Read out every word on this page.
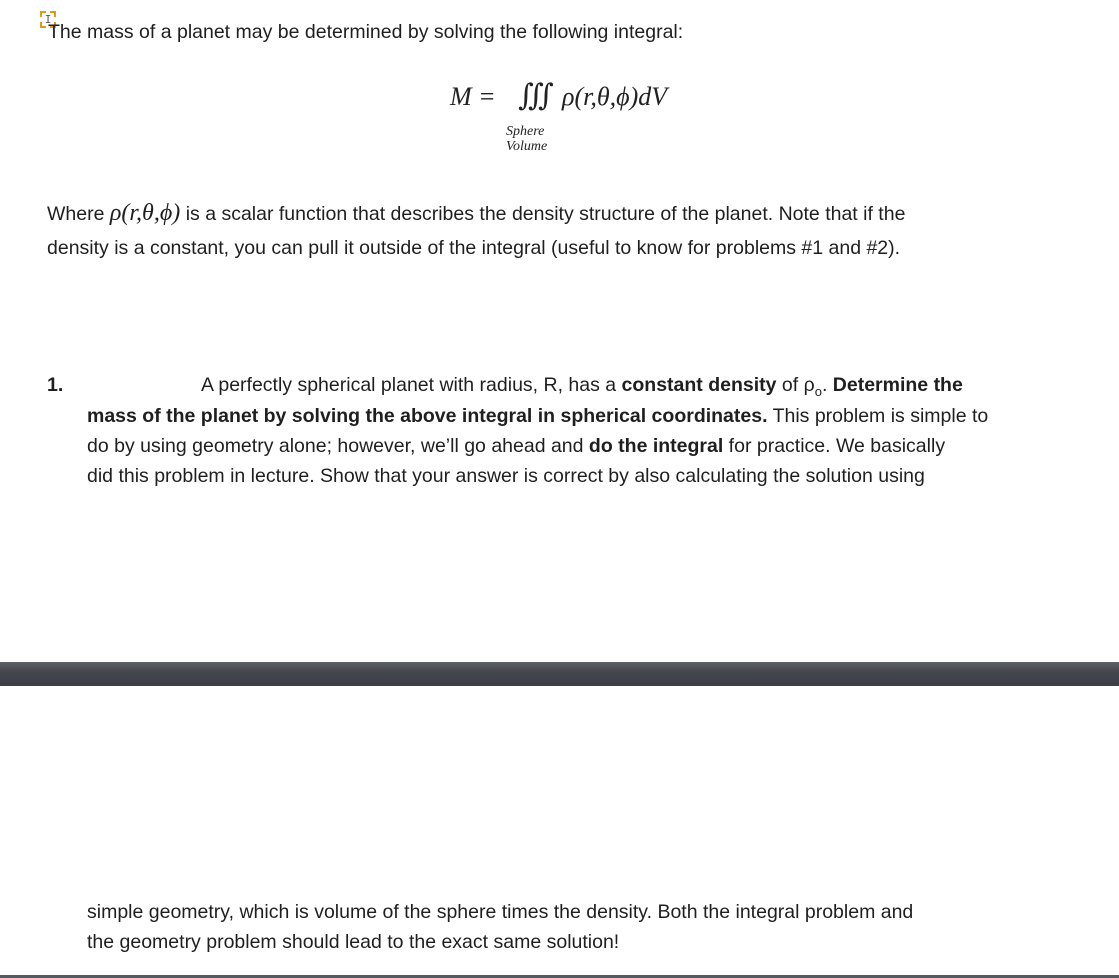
I
The mass of a planet may be determined by solving the following integral:
M = ∭ ρ(r,θ,ϕ)dV
Sphere
Volume
Where ρ(r,θ,ϕ) is a scalar function that describes the density structure of the planet. Note that if the
density is a constant, you can pull it outside of the integral (useful to know for problems #1 and #2).
1.	A perfectly spherical planet with radius, R, has a constant density of $\rho_o$. Determine the
mass of the planet by solving the above integral in spherical coordinates. This problem is simple to
do by using geometry alone; however, we’ll go ahead and do the integral for practice. We basically
did this problem in lecture. Show that your answer is correct by also calculating the solution using
simple geometry, which is volume of the sphere times the density. Both the integral problem and
the geometry problem should lead to the exact same solution!
